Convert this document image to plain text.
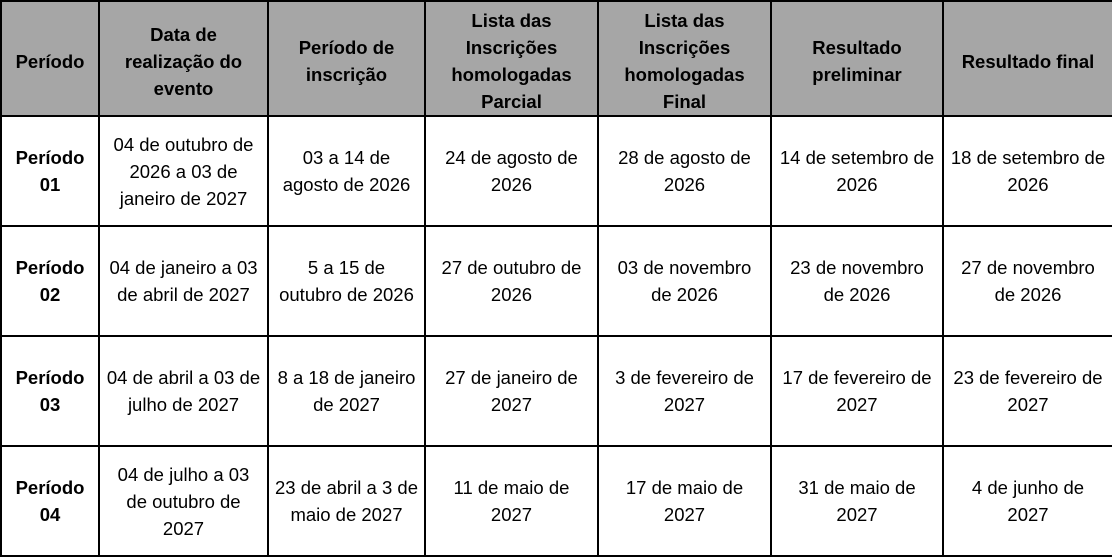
Período	Data de realização do evento	Período de inscrição	Lista das Inscrições homologadas Parcial	Lista das Inscrições homologadas Final	Resultado preliminar	Resultado final
Período 01	04 de outubro de 2026 a 03 de janeiro de 2027	03 a 14 de agosto de 2026	24 de agosto de 2026	28 de agosto de 2026	14 de setembro de 2026	18 de setembro de 2026
Período 02	04 de janeiro a 03 de abril de 2027	5 a 15 de outubro de 2026	27 de outubro de 2026	03 de novembro de 2026	23 de novembro de 2026	27 de novembro de 2026
Período 03	04 de abril a 03 de julho de 2027	8 a 18 de janeiro de 2027	27 de janeiro de 2027	3 de fevereiro de 2027	17 de fevereiro de 2027	23 de fevereiro de 2027
Período 04	04 de julho a 03 de outubro de 2027	23 de abril a 3 de maio de 2027	11 de maio de 2027	17 de maio de 2027	31 de maio de 2027	4 de junho de 2027
